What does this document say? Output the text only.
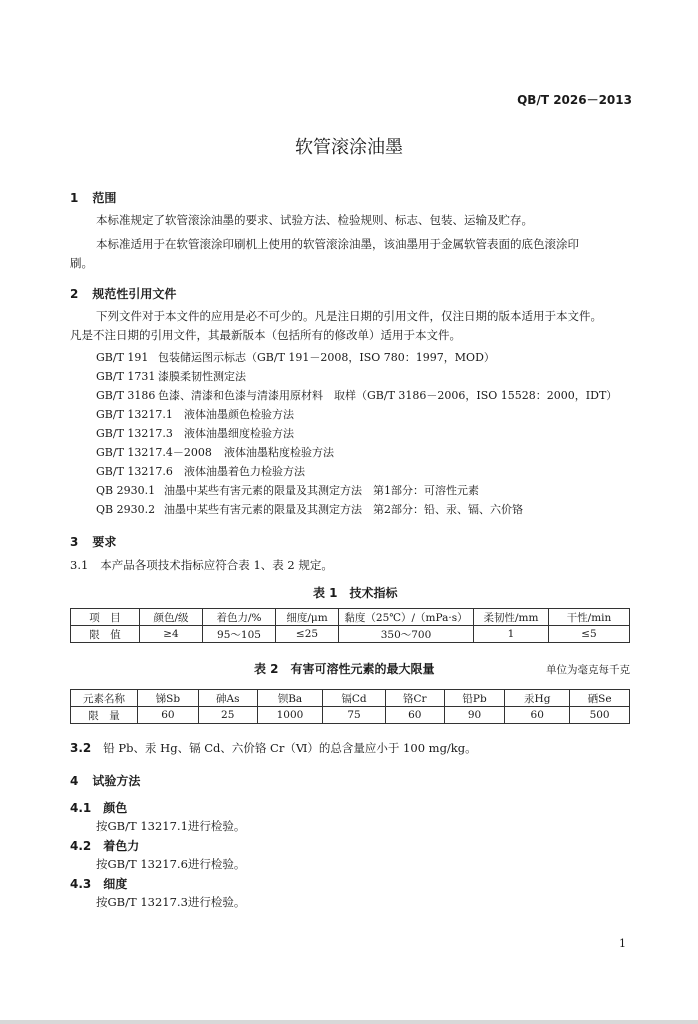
QB/T 2026－2013
软管滚涂油墨
1 范围
本标准规定了软管滚涂油墨的要求、试验方法、检验规则、标志、包装、运输及贮存。
本标准适用于在软管滚涂印刷机上使用的软管滚涂油墨，该油墨用于金属软管表面的底色滚涂印
刷。
2 规范性引用文件
下列文件对于本文件的应用是必不可少的。凡是注日期的引用文件，仅注日期的版本适用于本文件。
凡是不注日期的引用文件，其最新版本（包括所有的修改单）适用于本文件。
GB/T 191 包装储运图示标志（GB/T 191－2008，ISO 780：1997，MOD）
GB/T 1731 漆膜柔韧性测定法
GB/T 3186 色漆、清漆和色漆与清漆用原材料　取样（GB/T 3186－2006，ISO 15528：2000，IDT）
GB/T 13217.1 液体油墨颜色检验方法
GB/T 13217.3 液体油墨细度检验方法
GB/T 13217.4－2008 液体油墨粘度检验方法
GB/T 13217.6 液体油墨着色力检验方法
QB 2930.1 油墨中某些有害元素的限量及其测定方法　第1部分：可溶性元素
QB 2930.2 油墨中某些有害元素的限量及其测定方法　第2部分：铅、汞、镉、六价铬
3 要求
3.1 本产品各项技术指标应符合表 1、表 2 规定。
表 1　技术指标
项　目	颜色/级	着色力/%	细度/μm	黏度（25℃）/（mPa·s）	柔韧性/mm	干性/min
限　值	≥4	95～105	≤25	350～700	1	≤5
表 2　有害可溶性元素的最大限量	单位为毫克每千克
元素名称	锑Sb	砷As	钡Ba	镉Cd	铬Cr	铅Pb	汞Hg	硒Se
限　量	60	25	1000	75	60	90	60	500
3.2 铅 Pb、汞 Hg、镉 Cd、六价铬 Cr（Ⅵ）的总含量应小于 100 mg/kg。
4 试验方法
4.1 颜色
按GB/T 13217.1进行检验。
4.2 着色力
按GB/T 13217.6进行检验。
4.3 细度
按GB/T 13217.3进行检验。
1
